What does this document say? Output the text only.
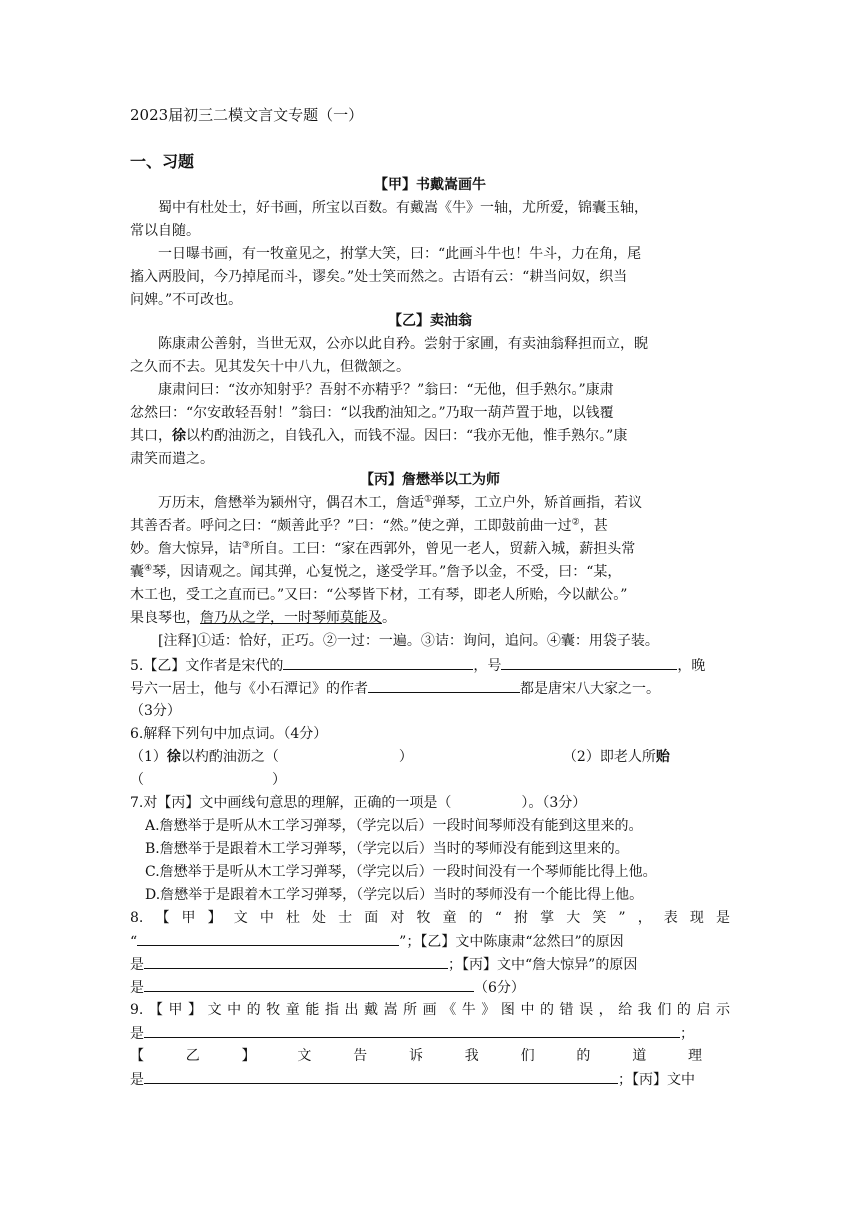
2023届初三二模文言文专题（一）
一、习题
【甲】书戴嵩画牛
蜀中有杜处士，好书画，所宝以百数。有戴嵩《牛》一轴，尤所爱，锦囊玉轴，
常以自随。
一日曝书画，有一牧童见之，拊掌大笑，曰：“此画斗牛也！牛斗，力在角，尾
搐入两股间，今乃掉尾而斗，谬矣。”处士笑而然之。古语有云：“耕当问奴，织当
问婢。”不可改也。
【乙】卖油翁
陈康肃公善射，当世无双，公亦以此自矜。尝射于家圃，有卖油翁释担而立，睨
之久而不去。见其发矢十中八九，但微颔之。
康肃问曰：“汝亦知射乎？吾射不亦精乎？”翁曰：“无他，但手熟尔。”康肃
忿然曰：“尔安敢轻吾射！”翁曰：“以我酌油知之。”乃取一葫芦置于地，以钱覆
其口，徐以杓酌油沥之，自钱孔入，而钱不湿。因曰：“我亦无他，惟手熟尔。”康
肃笑而遣之。
【丙】詹懋举以工为师
万历末，詹懋举为颍州守，偶召木工，詹适①弹琴，工立户外，矫首画指，若议
其善否者。呼问之曰：“颇善此乎？”曰：“然。”使之弹，工即鼓前曲一过②，甚
妙。詹大惊异，诘③所自。工曰：“家在西郭外，曾见一老人，贸薪入城，薪担头常
囊④琴，因请观之。闻其弹，心复悦之，遂受学耳。”詹予以金，不受，曰：“某，
木工也，受工之直而已。”又曰：“公琴皆下材，工有琴，即老人所贻，今以献公。”
果良琴也，詹乃从之学，一时琴师莫能及。
[注释]①适：恰好，正巧。②一过：一遍。③诘：询问，追问。④囊：用袋子装。
5.【乙】文作者是宋代的	，号	，晚
号六一居士，他与《小石潭记》的作者	都是唐宋八大家之一。
（3分）
6.解释下列句中加点词。（4分）
（1）徐以杓酌油沥之（	）	（2）即老人所贻
（	）
7.对【丙】文中画线句意思的理解，正确的一项是（	）。（3分）
A.詹懋举于是听从木工学习弹琴，（学完以后）一段时间琴师没有能到这里来的。
B.詹懋举于是跟着木工学习弹琴，（学完以后）当时的琴师没有能到这里来的。
C.詹懋举于是听从木工学习弹琴，（学完以后）一段时间没有一个琴师能比得上他。
D.詹懋举于是跟着木工学习弹琴，（学完以后）当时的琴师没有一个能比得上他。
8.【甲】文中杜处士面对牧童的“拊掌大笑”，表现是
“	”；【乙】文中陈康肃“忿然曰”的原因
是	；【丙】文中“詹大惊异”的原因
是	（6分）
9.【甲】文中的牧童能指出戴嵩所画《牛》图中的错误，给我们的启示
是	；
【乙】文告诉我们的道理
是	；【丙】文中
